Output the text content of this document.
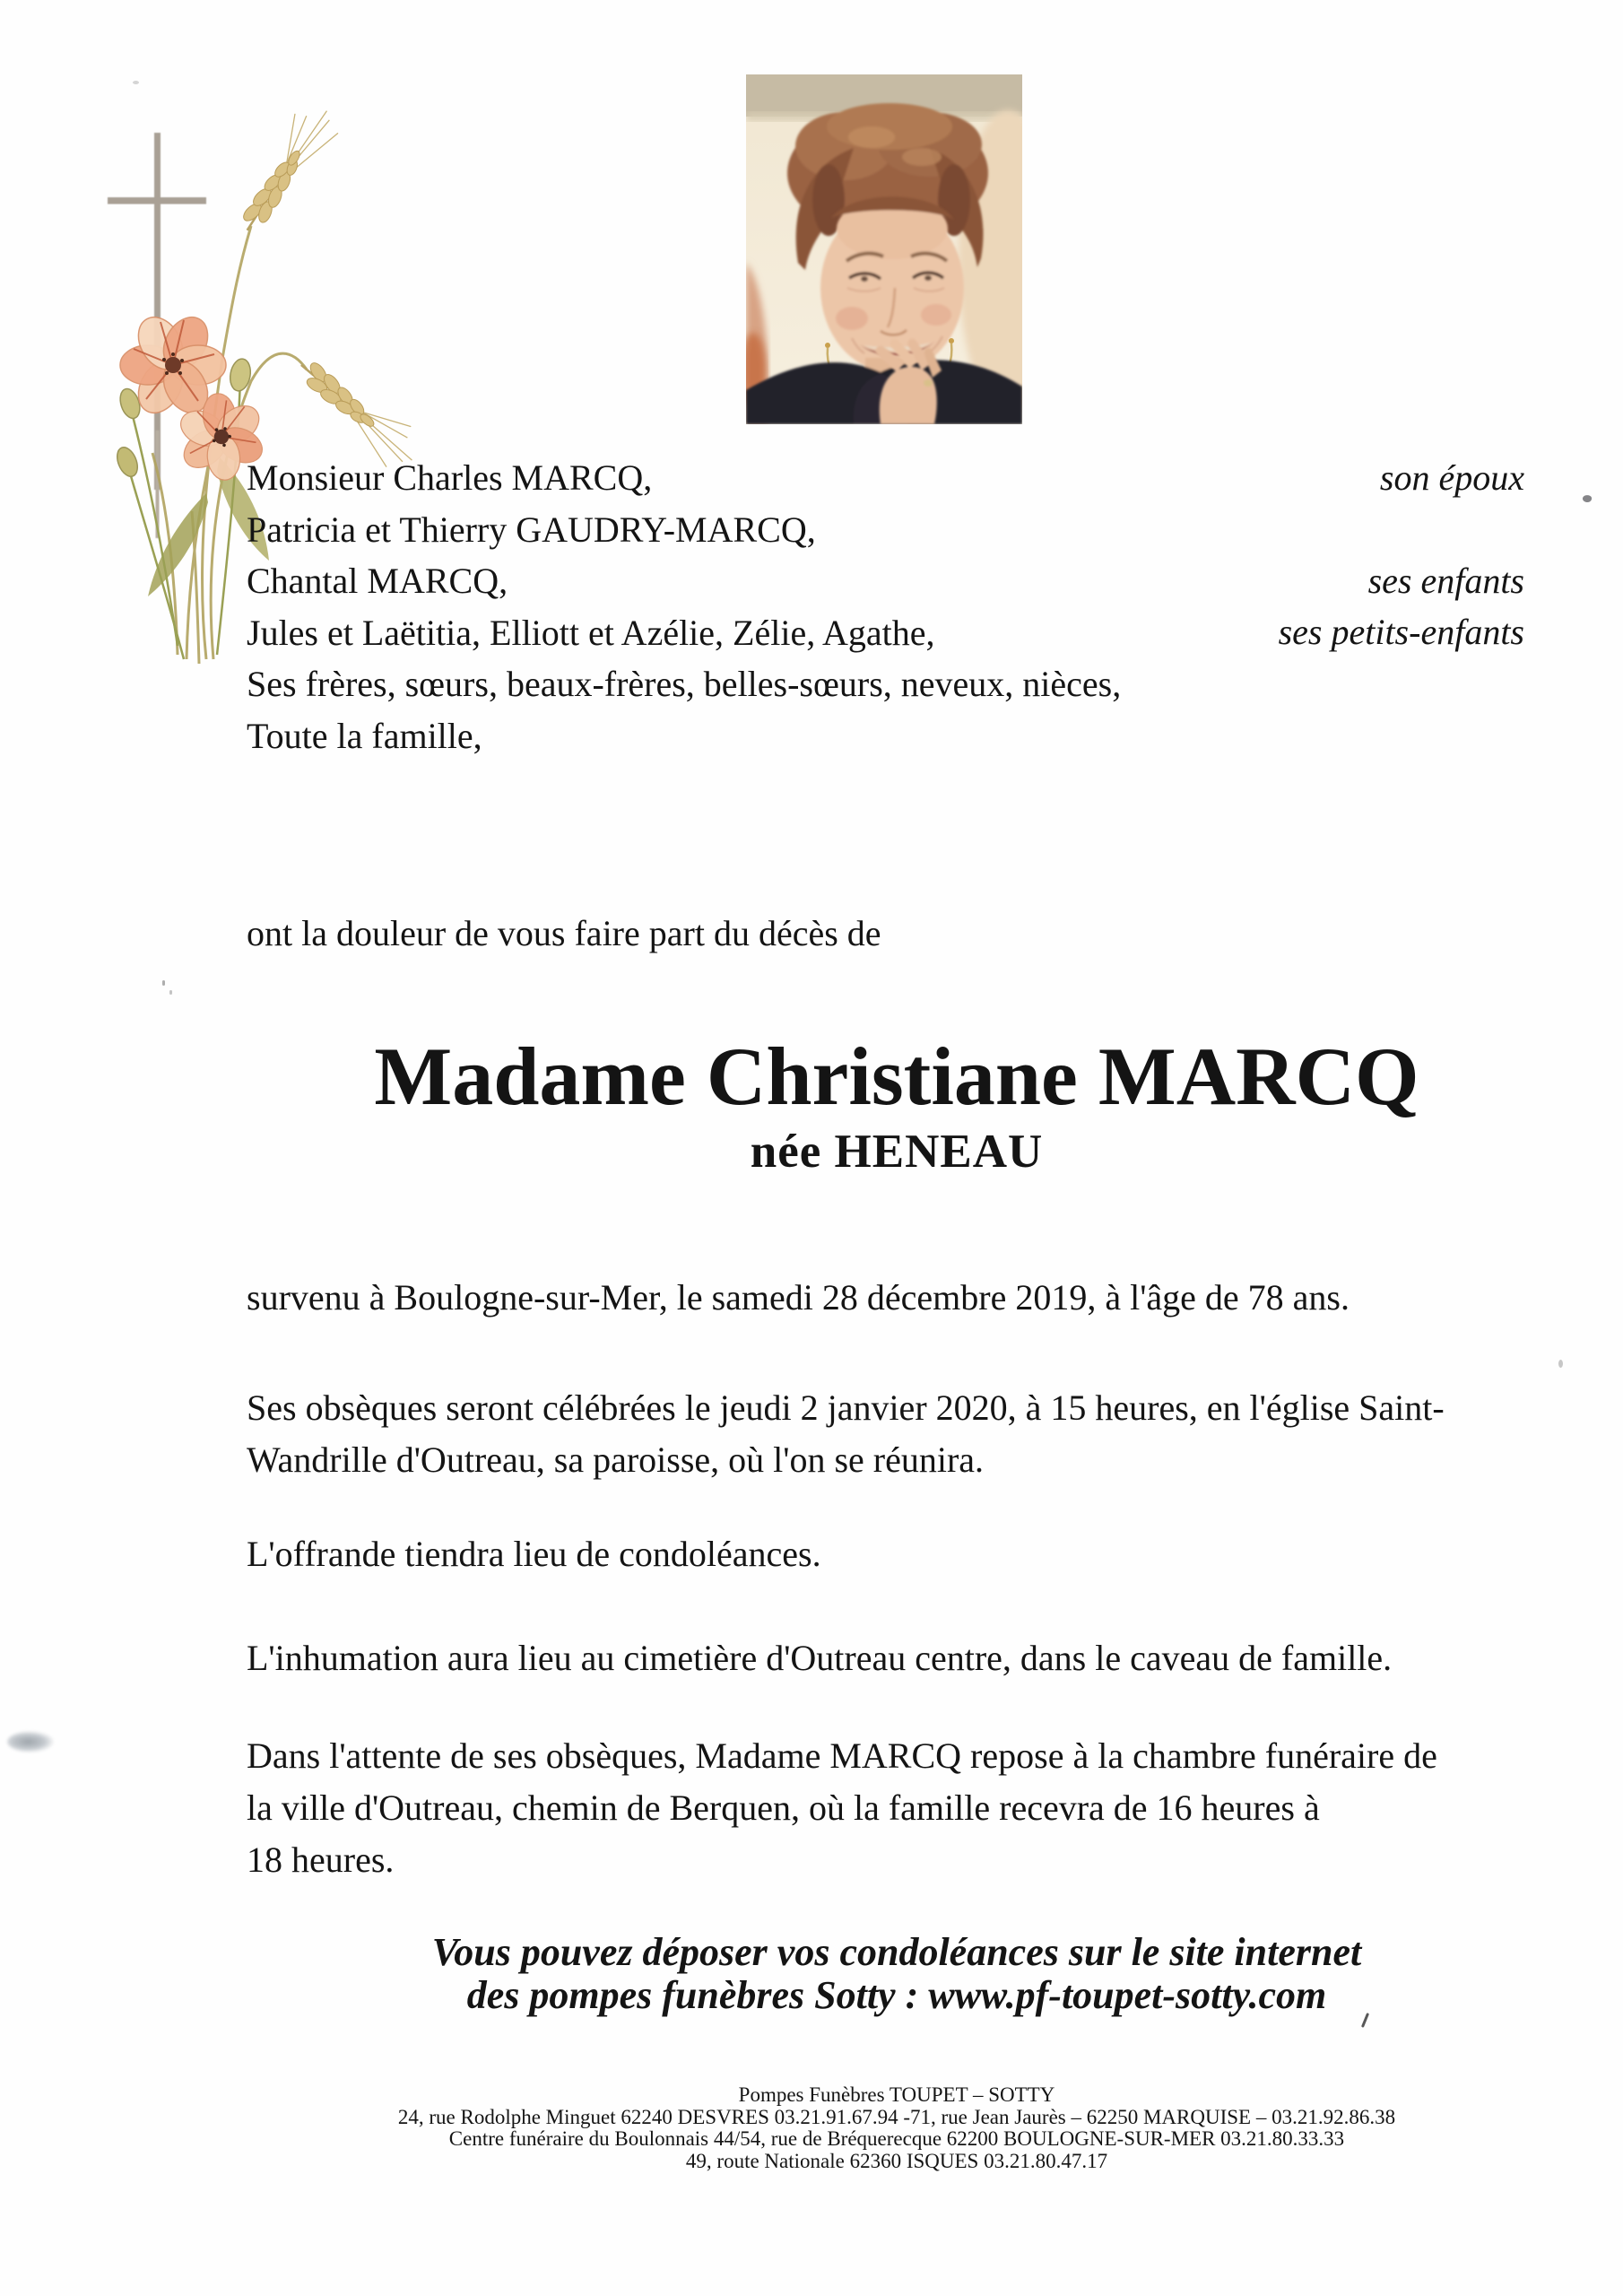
Monsieur Charles MARCQ,
Patricia et Thierry GAUDRY-MARCQ,
Chantal MARCQ,
Jules et Laëtitia, Elliott et Azélie, Zélie, Agathe,
Ses frères, sœurs, beaux-frères, belles-sœurs, neveux, nièces,
Toute la famille,
son époux
ses enfants
ses petits-enfants
ont la douleur de vous faire part du décès de
Madame Christiane MARCQ
née HENEAU
survenu à Boulogne-sur-Mer, le samedi 28 décembre 2019, à l'âge de 78 ans.
Ses obsèques seront célébrées le jeudi 2 janvier 2020, à 15 heures, en l'église Saint-
Wandrille d'Outreau, sa paroisse, où l'on se réunira.
L'offrande tiendra lieu de condoléances.
L'inhumation aura lieu au cimetière d'Outreau centre, dans le caveau de famille.
Dans l'attente de ses obsèques, Madame MARCQ repose à la chambre funéraire de
la ville d'Outreau, chemin de Berquen, où la famille recevra de 16 heures à
18 heures.
Vous pouvez déposer vos condoléances sur le site internet
des pompes funèbres Sotty : www.pf-toupet-sotty.com
Pompes Funèbres TOUPET – SOTTY
24, rue Rodolphe Minguet 62240 DESVRES 03.21.91.67.94 -71, rue Jean Jaurès – 62250 MARQUISE – 03.21.92.86.38
Centre funéraire du Boulonnais 44/54, rue de Bréquerecque 62200 BOULOGNE-SUR-MER 03.21.80.33.33
49, route Nationale 62360 ISQUES 03.21.80.47.17
